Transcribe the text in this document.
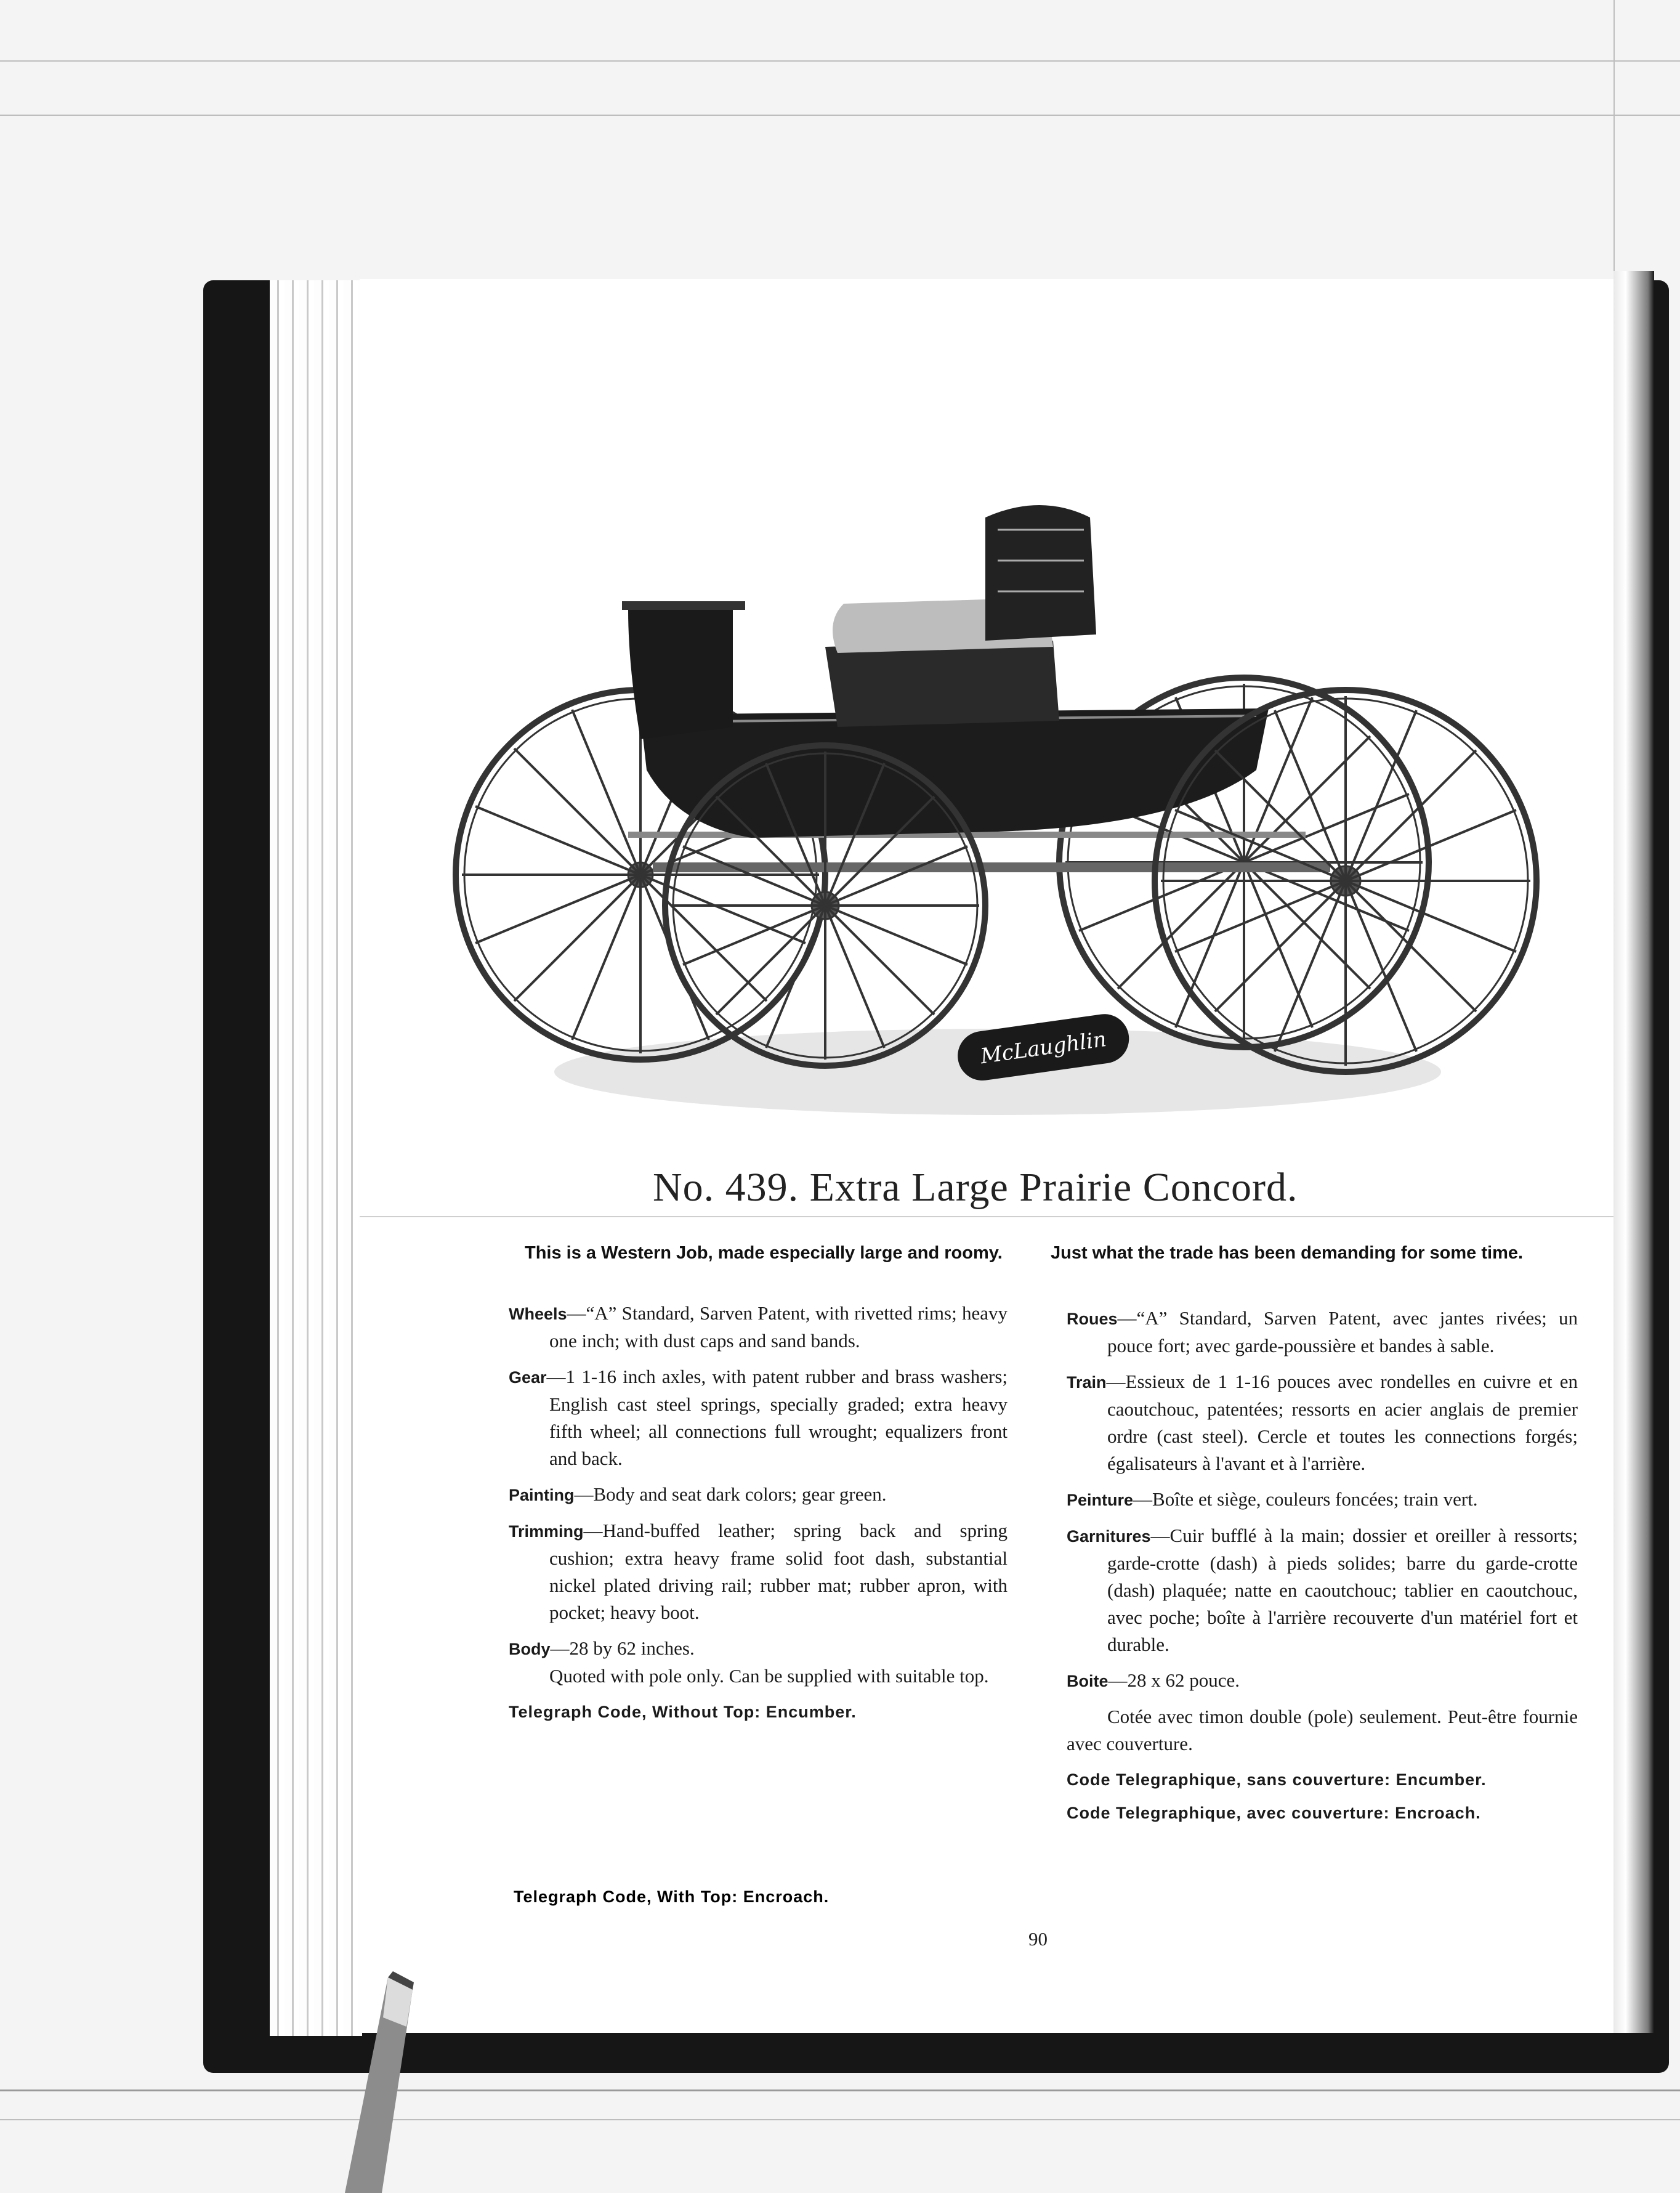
McLaughlin
No. 439. Extra Large Prairie Concord.
This is a Western Job, made especially large and roomy.	Just what the trade has been demanding for some time.

Wheels—“A” Standard, Sarven Patent, with rivetted rims; heavy one inch; with dust caps and sand bands.

Gear—1 1-16 inch axles, with patent rubber and brass washers; English cast steel springs, specially graded; extra heavy fifth wheel; all connections full wrought; equalizers front and back.

Painting—Body and seat dark colors; gear green.

Trimming—Hand-buffed leather; spring back and spring cushion; extra heavy frame solid foot dash, substantial nickel plated driving rail; rubber mat; rubber apron, with pocket; heavy boot.

Body—28 by 62 inches.

Quoted with pole only. Can be supplied with suitable top.

Telegraph Code, Without Top: Encumber.
Telegraph Code, With Top: Encroach.

Roues—“A” Standard, Sarven Patent, avec jantes rivées; un pouce fort; avec garde-poussière et bandes à sable.

Train—Essieux de 1 1-16 pouces avec rondelles en cuivre et en caoutchouc, patentées; ressorts en acier anglais de premier ordre (cast steel). Cercle et toutes les connections forgés; égalisateurs à l'avant et à l'arrière.

Peinture—Boîte et siège, couleurs foncées; train vert.

Garnitures—Cuir bufflé à la main; dossier et oreiller à ressorts; garde-crotte (dash) à pieds solides; barre du garde-crotte (dash) plaquée; natte en caoutchouc; tablier en caoutchouc, avec poche; boîte à l'arrière recouverte d'un matériel fort et durable.

Boite—28 x 62 pouce.

Cotée avec timon double (pole) seulement. Peut-être fournie avec couverture.

Code Telegraphique, sans couverture: Encumber.
Code Telegraphique, avec couverture: Encroach.
90
